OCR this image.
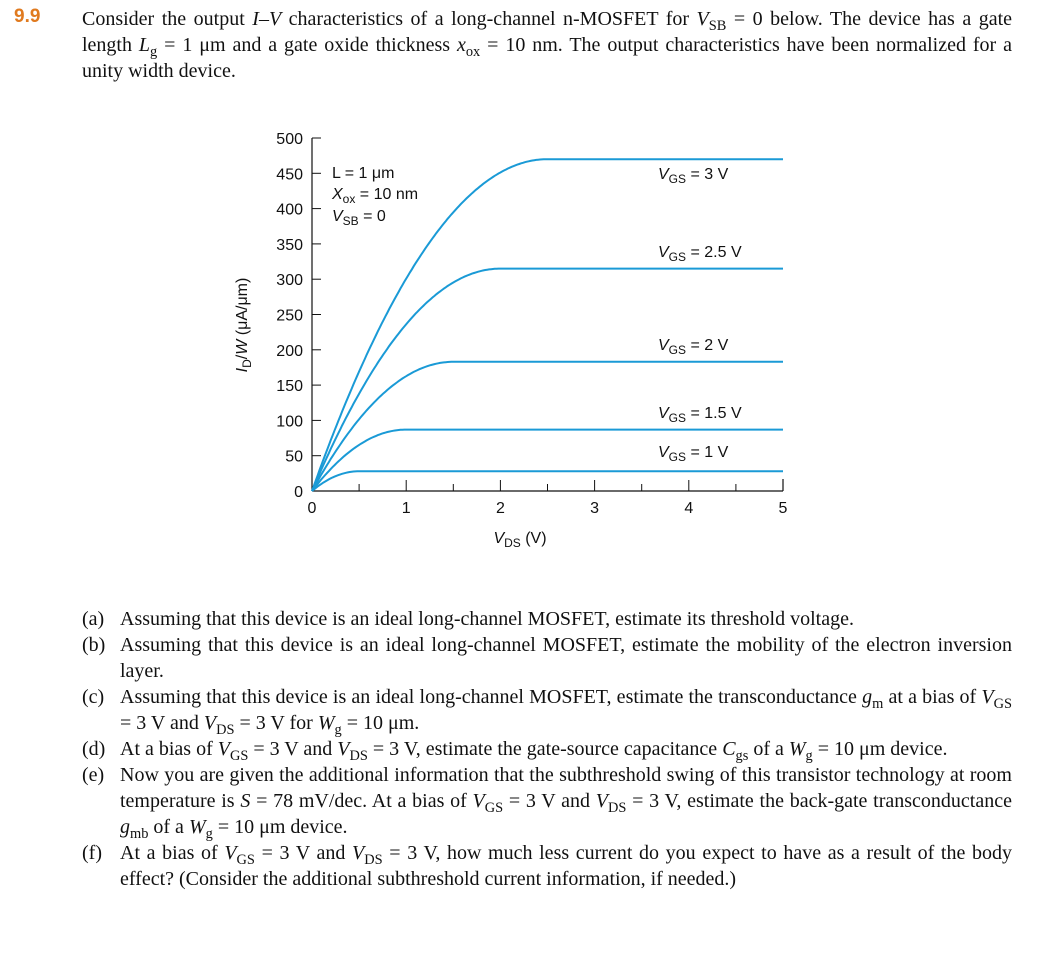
9.9 Consider the output I–V characteristics of a long-channel n-MOSFET for $V_{SB} = 0$ below. The device has a gate length $L_g = 1$ μm and a gate oxide thickness $x_{ox} = 10$ nm. The output characteristics have been normalized for a unity width device.
0
50
100
150
200
250
300
350
400
450
500
0	1	2	3	4	5
$V_{DS}$ (V)
$I_D/W$ (μA/μm)
L = 1 μm
$X_{ox} = 10$ nm
$V_{SB} = 0$
$V_{GS} = 3$ V
$V_{GS} = 2.5$ V
$V_{GS} = 2$ V
$V_{GS} = 1.5$ V
$V_{GS} = 1$ V
(a) Assuming that this device is an ideal long-channel MOSFET, estimate its threshold voltage.
(b) Assuming that this device is an ideal long-channel MOSFET, estimate the mobility of the electron inversion layer.
(c) Assuming that this device is an ideal long-channel MOSFET, estimate the transconductance $g_m$ at a bias of $V_{GS} = 3$ V and $V_{DS} = 3$ V for $W_g = 10$ μm.
(d) At a bias of $V_{GS} = 3$ V and $V_{DS} = 3$ V, estimate the gate-source capacitance $C_{gs}$ of a $W_g = 10$ μm device.
(e) Now you are given the additional information that the subthreshold swing of this transistor technology at room temperature is S = 78 mV/dec. At a bias of $V_{GS} = 3$ V and $V_{DS} = 3$ V, estimate the back-gate transconductance $g_{mb}$ of a $W_g = 10$ μm device.
(f) At a bias of $V_{GS} = 3$ V and $V_{DS} = 3$ V, how much less current do you expect to have as a result of the body effect? (Consider the additional subthreshold current information, if needed.)
